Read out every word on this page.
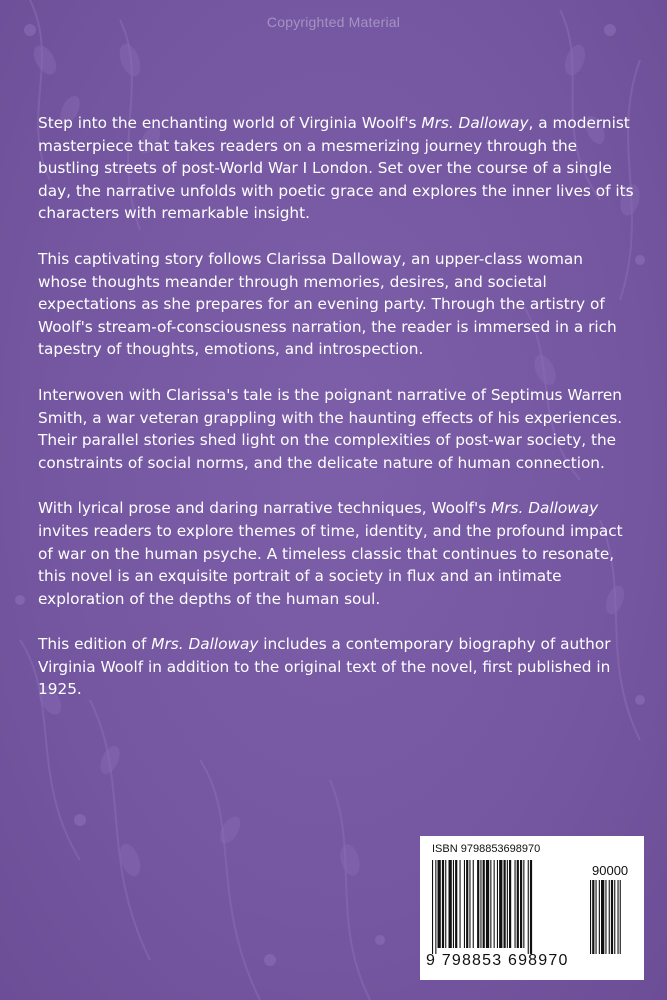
Copyrighted Material

Step into the enchanting world of Virginia Woolf's Mrs. Dalloway, a modernist masterpiece that takes readers on a mesmerizing journey through the bustling streets of post-World War I London. Set over the course of a single day, the narrative unfolds with poetic grace and explores the inner lives of its characters with remarkable insight.

This captivating story follows Clarissa Dalloway, an upper-class woman whose thoughts meander through memories, desires, and societal expectations as she prepares for an evening party. Through the artistry of Woolf's stream-of-consciousness narration, the reader is immersed in a rich tapestry of thoughts, emotions, and introspection.

Interwoven with Clarissa's tale is the poignant narrative of Septimus Warren Smith, a war veteran grappling with the haunting effects of his experiences. Their parallel stories shed light on the complexities of post-war society, the constraints of social norms, and the delicate nature of human connection.

With lyrical prose and daring narrative techniques, Woolf's Mrs. Dalloway invites readers to explore themes of time, identity, and the profound impact of war on the human psyche. A timeless classic that continues to resonate, this novel is an exquisite portrait of a society in flux and an intimate exploration of the depths of the human soul.

This edition of Mrs. Dalloway includes a contemporary biography of author Virginia Woolf in addition to the original text of the novel, first published in 1925.

ISBN 9798853698970
90000
9 798853 698970
